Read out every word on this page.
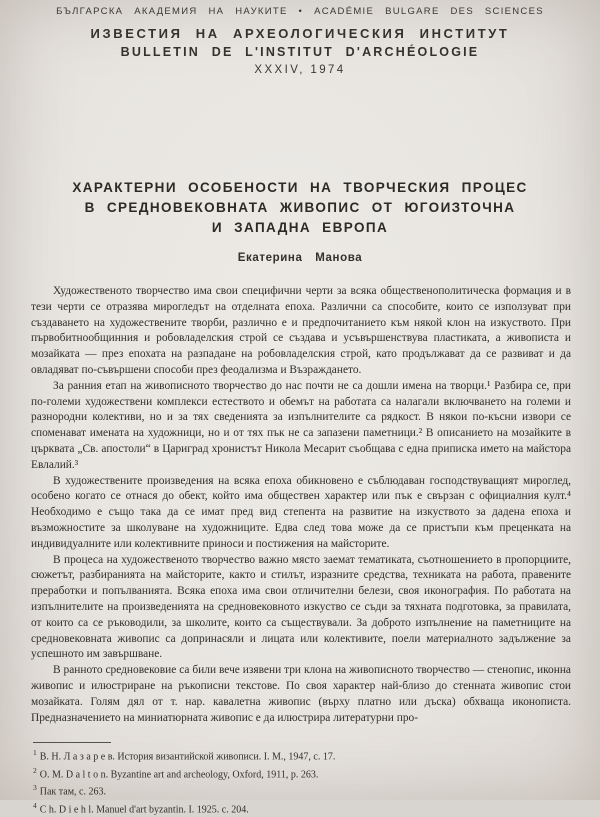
БЪЛГАРСКА АКАДЕМИЯ НА НАУКИТЕ • ACADÉMIE BULGARE DES SCIENCES
ИЗВЕСТИЯ НА АРХЕОЛОГИЧЕСКИЯ ИНСТИТУТ
BULLETIN DE L'INSTITUT D'ARCHÉOLOGIE
XXXIV, 1974
ХАРАКТЕРНИ ОСОБЕНОСТИ НА ТВОРЧЕСКИЯ ПРОЦЕС
В СРЕДНОВЕКОВНАТА ЖИВОПИС ОТ ЮГОИЗТОЧНА
И ЗАПАДНА ЕВРОПА
Екатерина Манова

Художественото творчество има свои специфични черти за всяка общественополитическа формация и в тези черти се отразява мирогледът на отделната епоха. Различни са способите, които се използуват при създаването на художествените творби, различно е и предпочитанието към някой клон на изкуството. При първобитнообщинния и робовладелския строй се създава и усъвършенствува пластиката, а живописта и мозайката — през епохата на разпадане на робовладелския строй, като продължават да се развиват и да овладяват по-съвършени способи през феодализма и Възраждането.

За ранния етап на живописното творчество до нас почти не са дошли имена на творци.¹ Разбира се, при по-големи художествени комплекси естеството и обемът на работата са налагали включването на големи и разнородни колективи, но и за тях сведенията за изпълнителите са рядкост. В някои по-късни извори се споменават имената на художници, но и от тях пък не са запазени паметници.² В описанието на мозайките в църквата „Св. апостоли“ в Цариград хронистът Никола Месарит съобщава с една приписка името на майстора Евлалий.³

В художествените произведения на всяка епоха обикновено е съблюдаван господствуващият мироглед, особено когато се отнася до обект, който има обществен характер или пък е свързан с официалния култ.⁴ Необходимо е също така да се имат пред вид степента на развитие на изкуството за дадена епоха и възможностите за школуване на художниците. Едва след това може да се пристъпи към преценката на индивидуалните или колективните приноси и постижения на майсторите.

В процеса на художественото творчество важно място заемат тематиката, съотношението в пропорциите, сюжетът, разбиранията на майсторите, както и стилът, изразните средства, техниката на работа, правените преработки и попълванията. Всяка епоха има свои отличителни белези, своя иконография. По работата на изпълнителите на произведенията на средновековното изкуство се съди за тяхната подготовка, за правилата, от които са се ръководили, за школите, които са съществували. За доброто изпълнение на паметниците на средновековната живопис са допринасяли и лицата или колективите, поели материалното задължение за успешното им завършване.

В ранното средновековие са били вече изявени три клона на живописното творчество — стенопис, иконна живопис и илюстриране на ръкописни текстове. По своя характер най-близо до стенната живопис стои мозайката. Голям дял от т. нар. кавалетна живопис (върху платно или дъска) обхваща иконописта. Предназначението на миниатюрната живопис е да илюстрира литературни про-

$^1$ В. Н. Л а з а р е в. История византийской живописи. I. М., 1947, с. 17.
$^2$ O. M. D a l t o n. Byzantine art and archeology, Oxford, 1911, p. 263.
$^3$ Пак там, с. 263.
$^4$ C h. D i e h l. Manuel d'art byzantin. I. 1925. с. 204.
